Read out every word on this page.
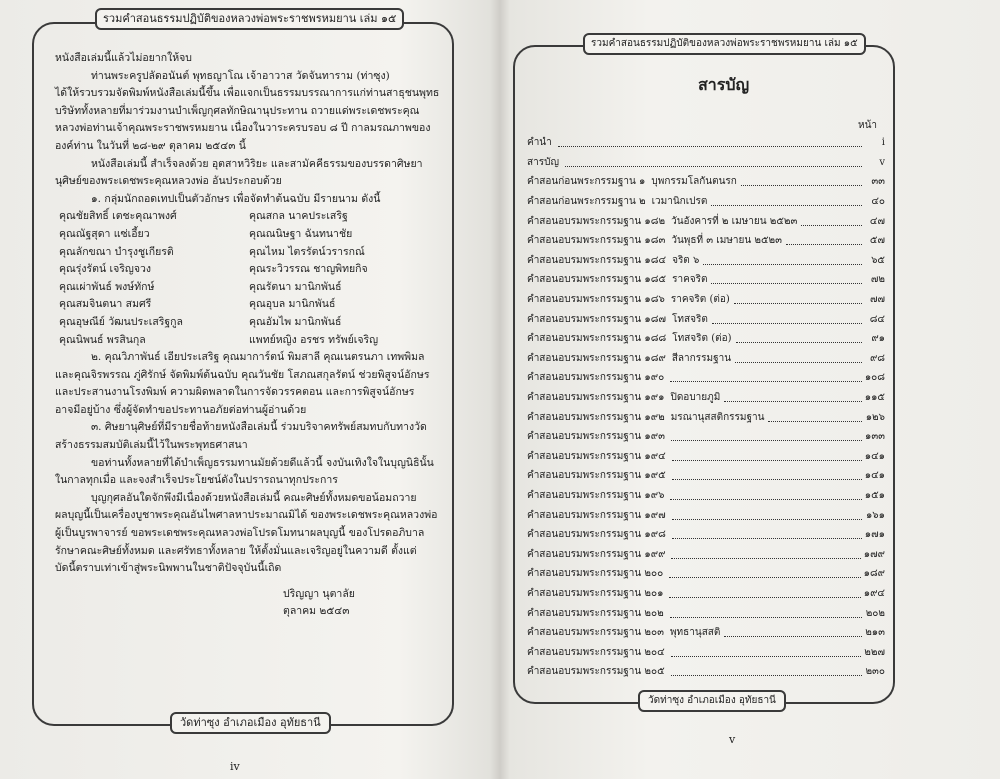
รวมคำสอนธรรมปฏิบัติของหลวงพ่อพระราชพรหมยาน เล่ม ๑๕

หนังสือเล่มนี้แล้วไม่อยากให้จบ

ท่านพระครูปลัดอนันต์ พุทธญาโณ เจ้าอาวาส วัดจันทาราม (ท่าซุง)

ได้ให้รวบรวมจัดพิมพ์หนังสือเล่มนี้ขึ้น เพื่อแจกเป็นธรรมบรรณาการแก่ท่านสาธุชนพุทธ

บริษัททั้งหลายที่มาร่วมงานบำเพ็ญกุศลทักษิณานุประทาน ถวายแด่พระเดชพระคุณ

หลวงพ่อท่านเจ้าคุณพระราชพรหมยาน เนื่องในวาระครบรอบ ๘ ปี กาลมรณภาพของ

องค์ท่าน ในวันที่ ๒๘-๒๙ ตุลาคม ๒๕๔๓ นี้

หนังสือเล่มนี้ สำเร็จลงด้วย อุตสาหวิริยะ และสามัคคีธรรมของบรรดาศิษยา

นุศิษย์ของพระเดชพระคุณหลวงพ่อ อันประกอบด้วย

๑. กลุ่มนักถอดเทปเป็นตัวอักษร เพื่อจัดทำต้นฉบับ มีรายนาม ดังนี้

คุณชัยสิทธิ์ เตชะคุณาพงศ์	คุณสกล นาคประเสริฐ
คุณณัฐสุดา แซ่เอี้ยว	คุณณนิษฐา ฉันทนาชัย
คุณลักขณา บำรุงชูเกียรติ	คุณไหม ไตรรัตน์วรารกณ์
คุณรุ่งรัตน์ เจริญจวง	คุณระวิวรรณ ชาญพิทยกิจ
คุณเผ่าพันธ์ พงษ์ทักษ์	คุณรัตนา มานิกพันธ์
คุณสมจินตนา สมศรี	คุณอุบล มานิกพันธ์
คุณอุษณีย์ วัฒนประเสริฐกูล	คุณอัมไพ มานิกพันธ์
คุณนิพนธ์ พรสินกุล	แพทย์หญิง อรชร ทรัพย์เจริญ

๒. คุณวิภาพันธ์ เอียประเสริฐ คุณมาการ์ตน์ พิมสาลี คุณเนตรนภา เทพพิมล

และคุณจิรพรรณ ภู่ศิรักษ์ จัดพิมพ์ต้นฉบับ คุณวันชัย โสภณสกุลรัตน์ ช่วยพิสูจน์อักษร

และประสานงานโรงพิมพ์ ความผิดพลาดในการจัดวรรคตอน และการพิสูจน์อักษร

อาจมีอยู่บ้าง ซึ่งผู้จัดทำขอประทานอภัยต่อท่านผู้อ่านด้วย

๓. ศิษยานุศิษย์ที่มีรายชื่อท้ายหนังสือเล่มนี้ ร่วมบริจาคทรัพย์สมทบกับทางวัด

สร้างธรรมสมบัติเล่มนี้ไว้ในพระพุทธศาสนา

ขอท่านทั้งหลายที่ได้บำเพ็ญธรรมทานมัยด้วยดีแล้วนี้ จงบันเทิงใจในบุญนิธินั้น

ในกาลทุกเมื่อ และจงสำเร็จประโยชน์ดังในปรารถนาทุกประการ

บุญกุศลอันใดจักพึงมีเนื่องด้วยหนังสือเล่มนี้ คณะศิษย์ทั้งหมดขอน้อมถวาย

ผลบุญนี้เป็นเครื่องบูชาพระคุณอันไพศาลหาประมาณมิได้ ของพระเดชพระคุณหลวงพ่อ

ผู้เป็นบูรพาจารย์ ขอพระเดชพระคุณหลวงพ่อโปรดโมทนาผลบุญนี้ ของโปรดอภิบาล

รักษาคณะศิษย์ทั้งหมด และศรัทธาทั้งหลาย ให้ตั้งมั่นและเจริญอยู่ในความดี ตั้งแต่

บัดนี้ตราบเท่าเข้าสู่พระนิพพานในชาติปัจจุบันนี้เถิด

ปริญญา นุตาลัย

ตุลาคม ๒๕๔๓

วัดท่าซุง อำเภอเมือง อุทัยธานี
iv
รวมคำสอนธรรมปฏิบัติของหลวงพ่อพระราชพรหมยาน เล่ม ๑๕
สารบัญ
หน้า
คำนำ	i
สารบัญ	v
คำสอนก่อนพระกรรมฐาน ๑ บุพกรรมโลกันตนรก	๓๓
คำสอนก่อนพระกรรมฐาน ๒ เวมานิกเปรต	๔๐
คำสอนอบรมพระกรรมฐาน ๑๘๒ วันอังคารที่ ๒ เมษายน ๒๕๒๓	๔๗
คำสอนอบรมพระกรรมฐาน ๑๘๓ วันพุธที่ ๓ เมษายน ๒๕๒๓	๕๗
คำสอนอบรมพระกรรมฐาน ๑๘๔ จริต ๖	๖๕
คำสอนอบรมพระกรรมฐาน ๑๘๕ ราคจริต	๗๒
คำสอนอบรมพระกรรมฐาน ๑๘๖ ราคจริต (ต่อ)	๗๗
คำสอนอบรมพระกรรมฐาน ๑๘๗ โทสจริต	๘๔
คำสอนอบรมพระกรรมฐาน ๑๘๘ โทสจริต (ต่อ)	๙๑
คำสอนอบรมพระกรรมฐาน ๑๘๙ สีลากรรมฐาน	๙๘
คำสอนอบรมพระกรรมฐาน ๑๙๐	๑๐๘
คำสอนอบรมพระกรรมฐาน ๑๙๑ ปิดอบายภูมิ	๑๑๕
คำสอนอบรมพระกรรมฐาน ๑๙๒ มรณานุสสติกรรมฐาน	๑๒๖
คำสอนอบรมพระกรรมฐาน ๑๙๓	๑๓๓
คำสอนอบรมพระกรรมฐาน ๑๙๔	๑๔๑
คำสอนอบรมพระกรรมฐาน ๑๙๕	๑๔๑
คำสอนอบรมพระกรรมฐาน ๑๙๖	๑๕๑
คำสอนอบรมพระกรรมฐาน ๑๙๗	๑๖๑
คำสอนอบรมพระกรรมฐาน ๑๙๘	๑๗๑
คำสอนอบรมพระกรรมฐาน ๑๙๙	๑๗๙
คำสอนอบรมพระกรรมฐาน ๒๐๐	๑๘๙
คำสอนอบรมพระกรรมฐาน ๒๐๑	๑๙๔
คำสอนอบรมพระกรรมฐาน ๒๐๒	๒๐๒
คำสอนอบรมพระกรรมฐาน ๒๐๓ พุทธานุสสติ	๒๑๓
คำสอนอบรมพระกรรมฐาน ๒๐๔	๒๒๗
คำสอนอบรมพระกรรมฐาน ๒๐๕	๒๓๐
วัดท่าซุง อำเภอเมือง อุทัยธานี
v
